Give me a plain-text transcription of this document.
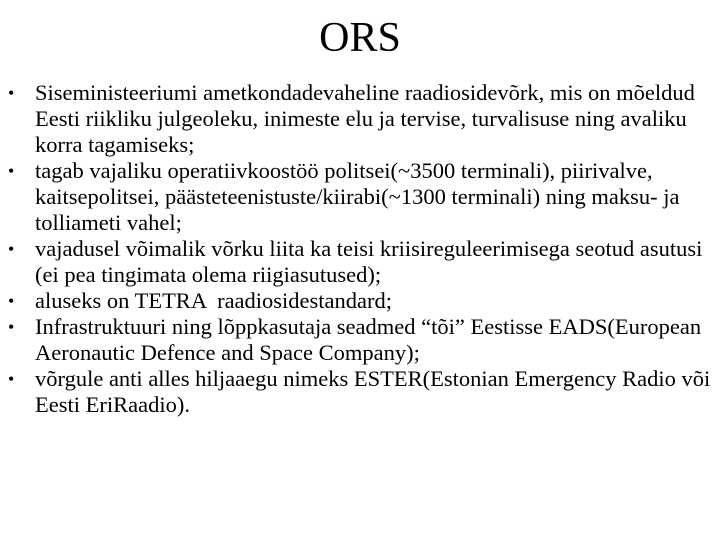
ORS
• Siseministeeriumi ametkondadevaheline raadiosidevõrk, mis on mõeldud Eesti riikliku julgeoleku, inimeste elu ja tervise, turvalisuse ning avaliku korra tagamiseks;
• tagab vajaliku operatiivkoostöö politsei(~3500 terminali), piirivalve, kaitsepolitsei, päästeteenistuste/kiirabi(~1300 terminali) ning maksu- ja tolliameti vahel;
• vajadusel võimalik võrku liita ka teisi kriisireguleerimisega seotud asutusi (ei pea tingimata olema riigiasutused);
• aluseks on TETRA  raadiosidestandard;
• Infrastruktuuri ning lõppkasutaja seadmed “tõi” Eestisse EADS(European Aeronautic Defence and Space Company);
• võrgule anti alles hiljaaegu nimeks ESTER(Estonian Emergency Radio või Eesti EriRaadio).
